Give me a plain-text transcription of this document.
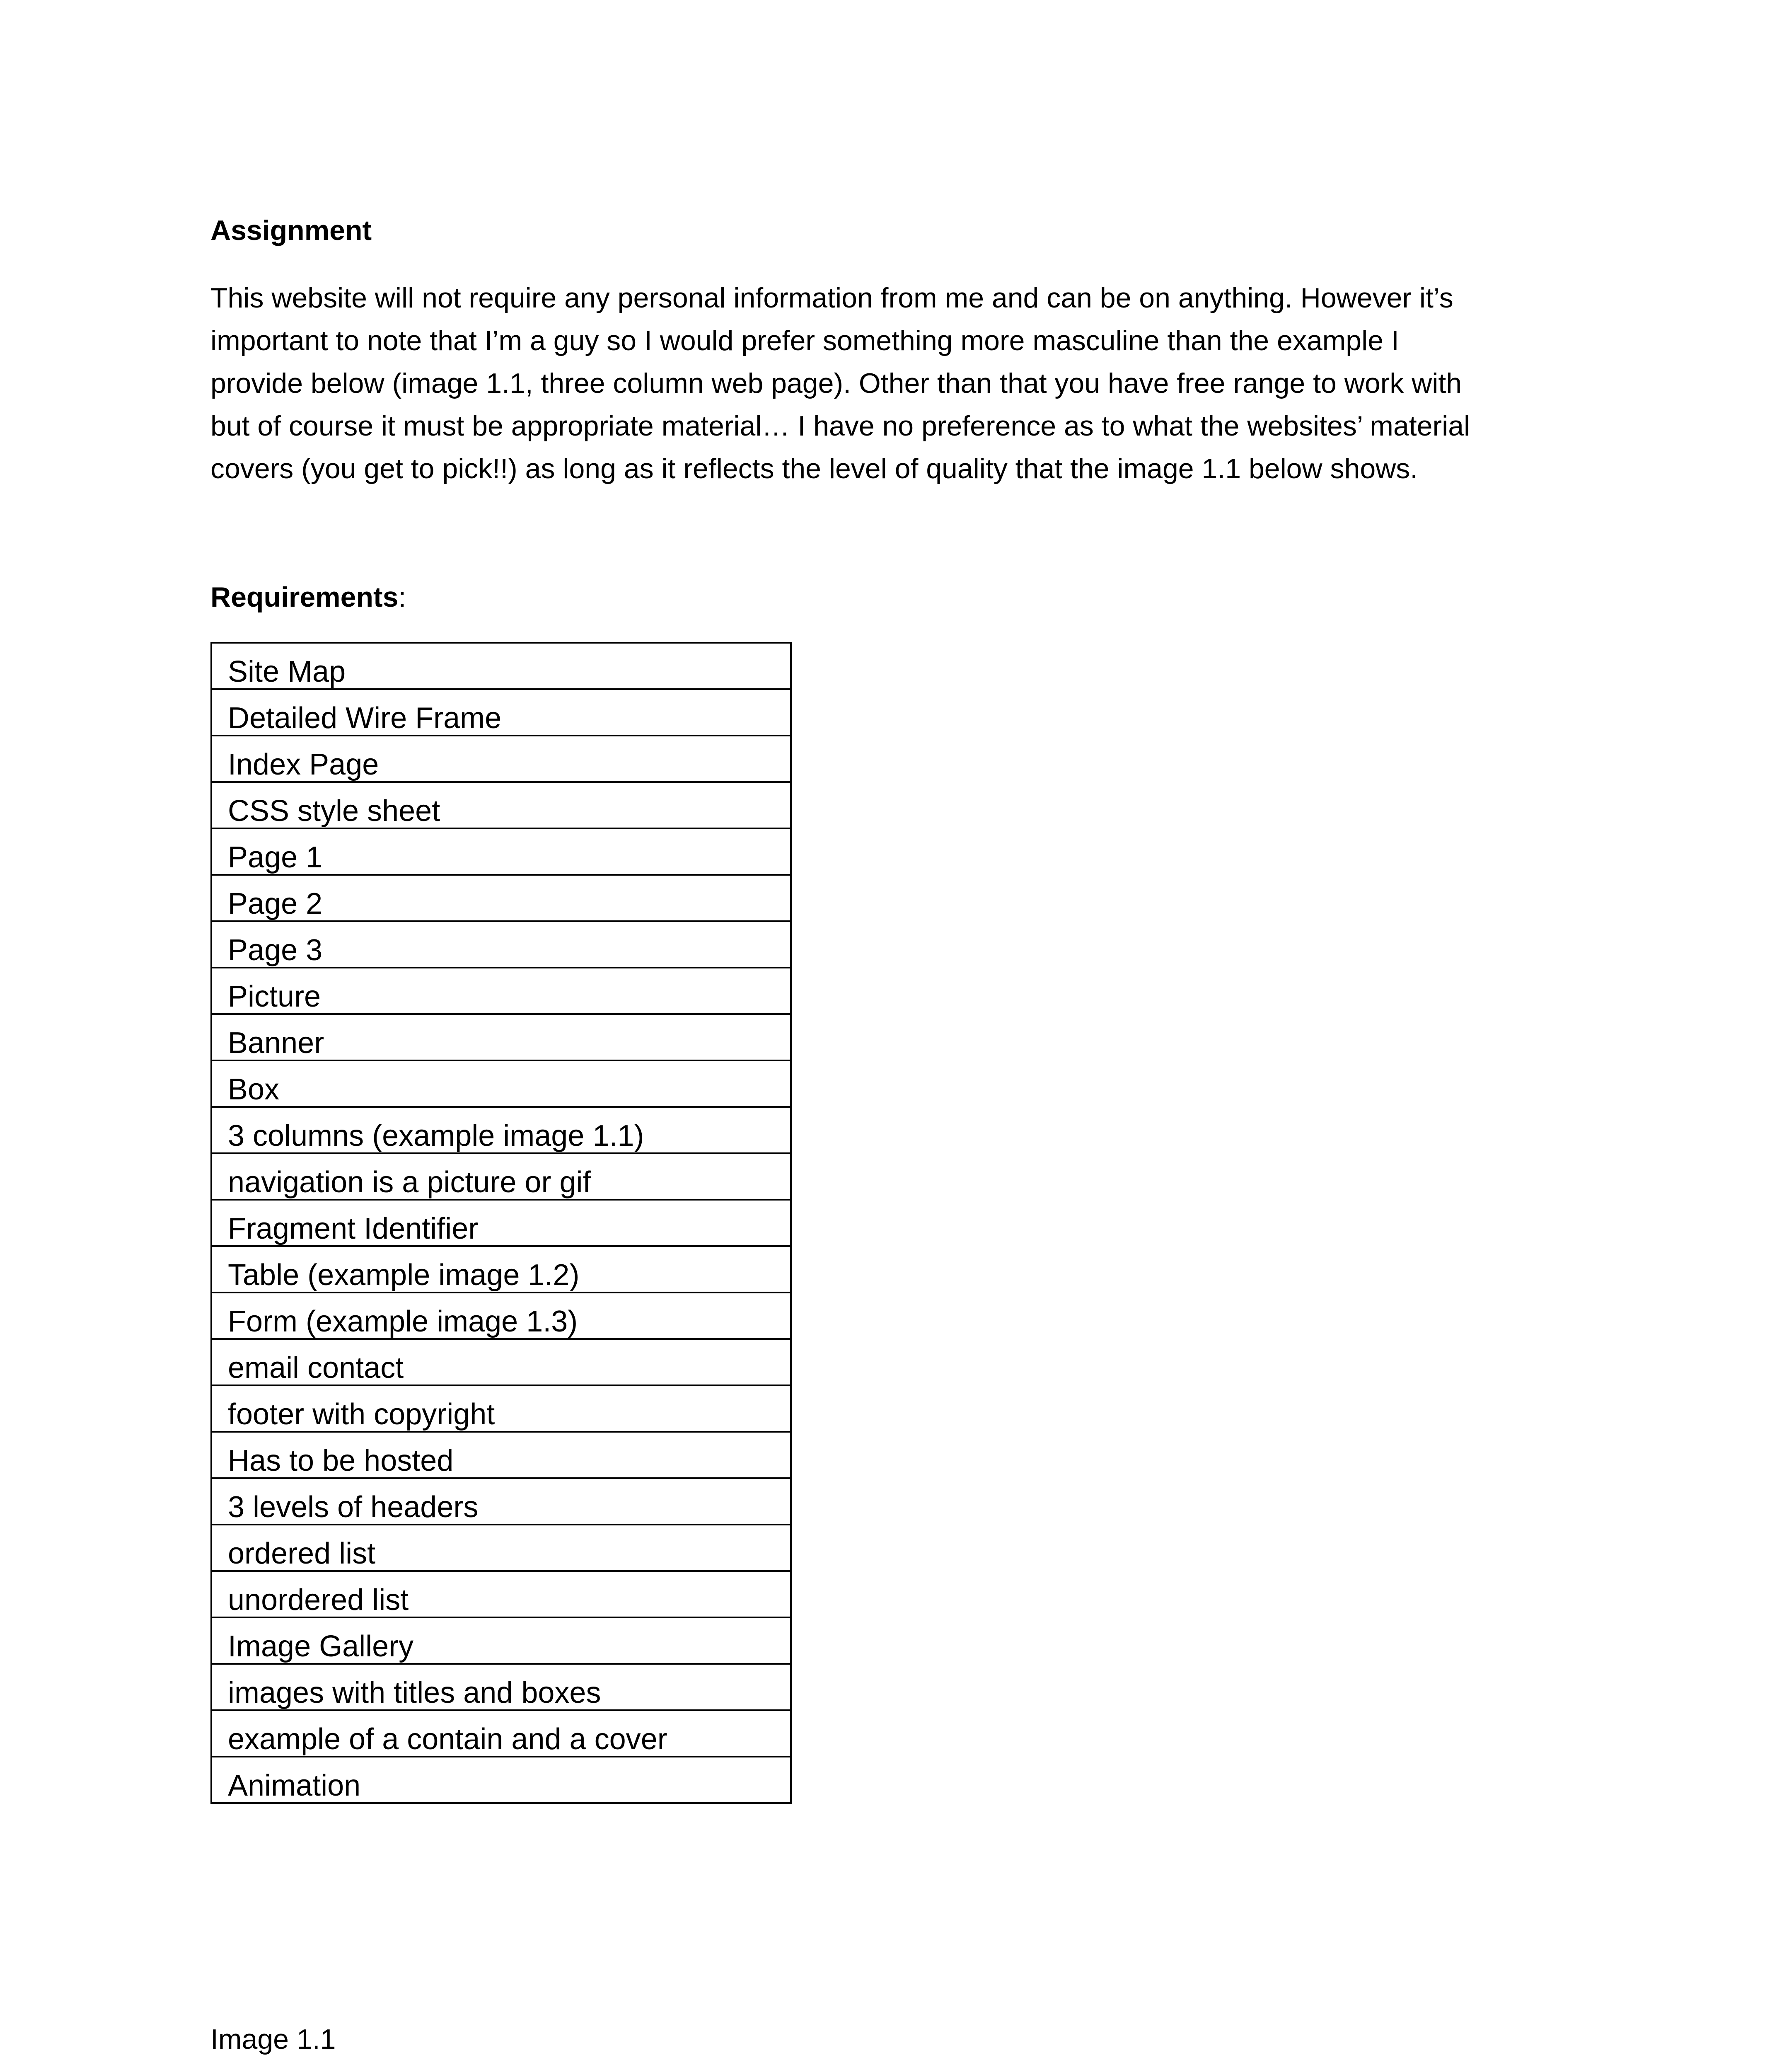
Assignment

This website will not require any personal information from me and can be on anything. However it’s
important to note that I’m a guy so I would prefer something more masculine than the example I
provide below (image 1.1, three column web page). Other than that you have free range to work with
but of course it must be appropriate material… I have no preference as to what the websites’ material
covers (you get to pick!!) as long as it reflects the level of quality that the image 1.1 below shows.

Requirements:
Site Map
Detailed Wire Frame
Index Page
CSS style sheet
Page 1
Page 2
Page 3
Picture
Banner
Box
3 columns (example image 1.1)
navigation is a picture or gif
Fragment Identifier
Table (example image 1.2)
Form (example image 1.3)
email contact
footer with copyright
Has to be hosted
3 levels of headers
ordered list
unordered list
Image Gallery
images with titles and boxes
example of a contain and a cover
Animation
Image 1.1
